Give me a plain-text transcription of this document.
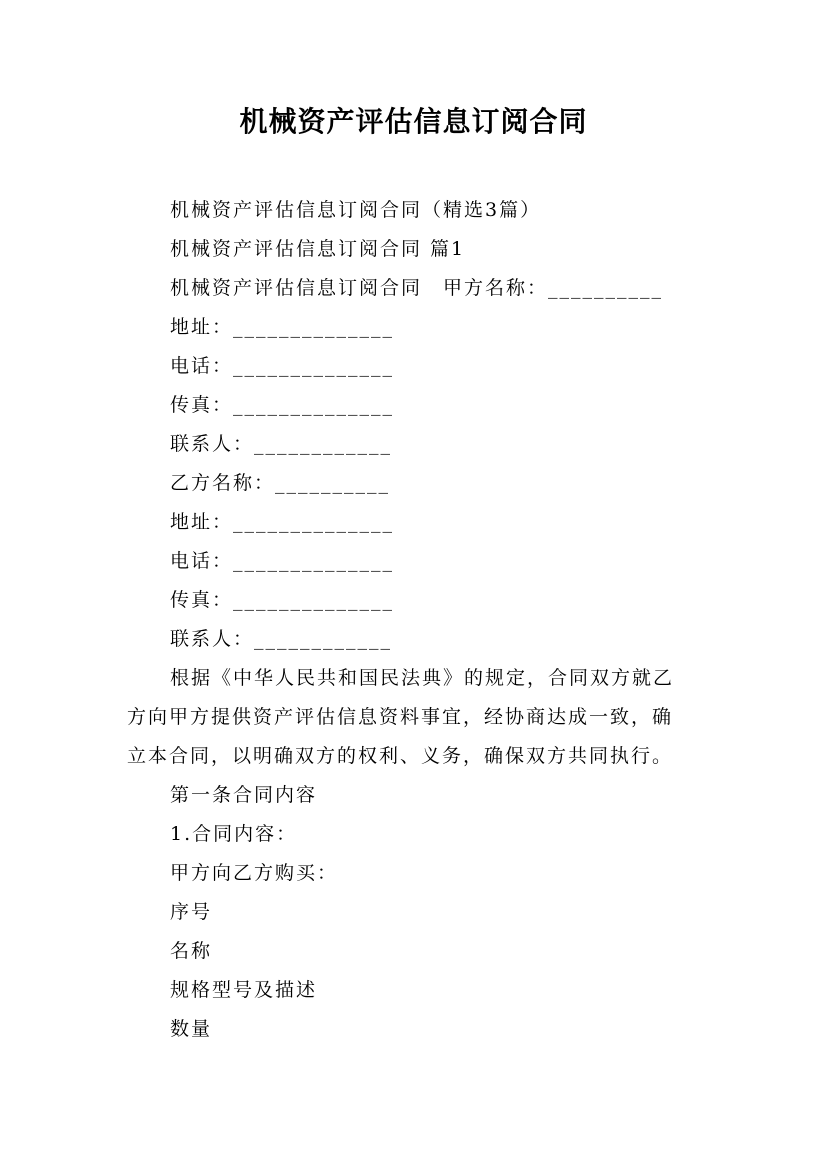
机械资产评估信息订阅合同
机械资产评估信息订阅合同（精选3篇）
机械资产评估信息订阅合同 篇1
机械资产评估信息订阅合同　甲方名称：__________
地址：______________
电话：______________
传真：______________
联系人：____________
乙方名称：__________
地址：______________
电话：______________
传真：______________
联系人：____________
根据《中华人民共和国民法典》的规定，合同双方就乙
方向甲方提供资产评估信息资料事宜，经协商达成一致，确
立本合同，以明确双方的权利、义务，确保双方共同执行。
第一条合同内容
1.合同内容：
甲方向乙方购买：
序号
名称
规格型号及描述
数量
